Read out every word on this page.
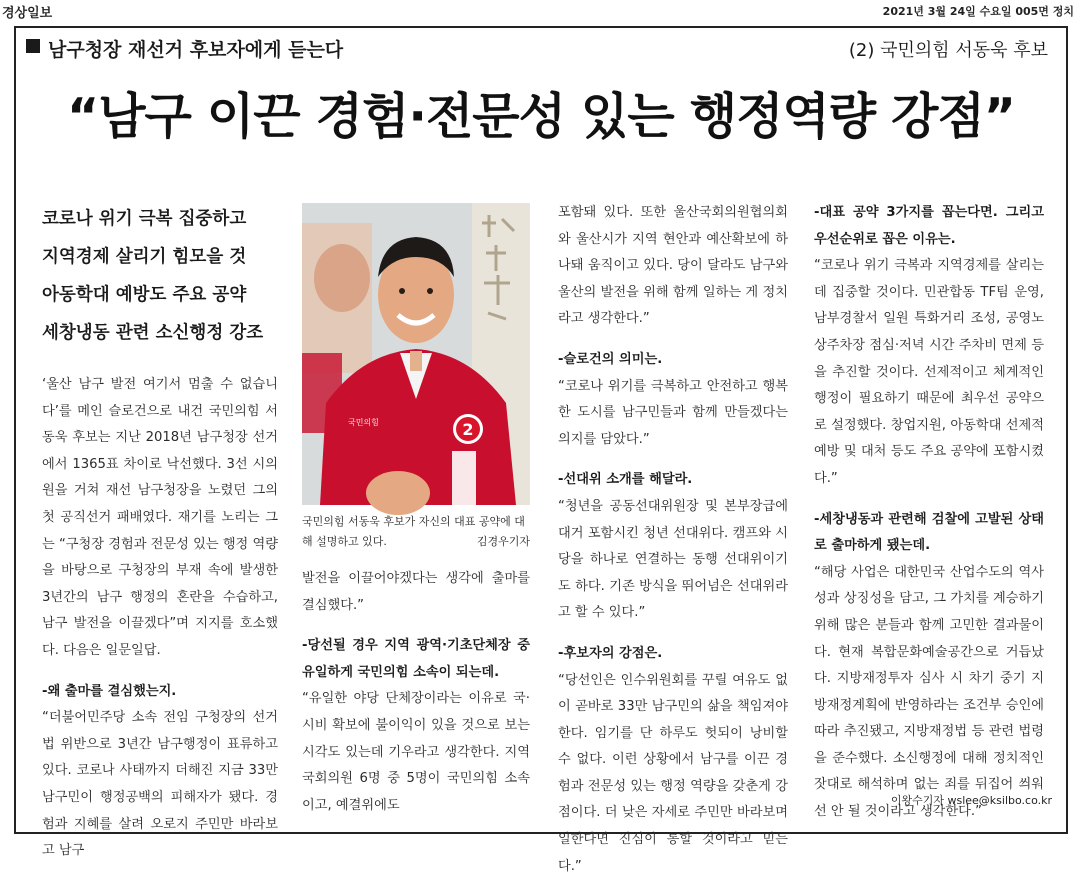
경상일보	2021년 3월 24일 수요일 005면 정치
남구청장 재선거 후보자에게 듣는다	(2) 국민의힘 서동욱 후보
“남구 이끈 경험·전문성 있는 행정역량 강점”
코로나 위기 극복 집중하고
지역경제 살리기 힘모을 것
아동학대 예방도 주요 공약
세창냉동 관련 소신행정 강조

‘울산 남구 발전 여기서 멈출 수 없습니다’를 메인 슬로건으로 내건 국민의힘 서동욱 후보는 지난 2018년 남구청장 선거에서 1365표 차이로 낙선했다. 3선 시의원을 거쳐 재선 남구청장을 노렸던 그의 첫 공직선거 패배였다. 재기를 노리는 그는 “구청장 경험과 전문성 있는 행정 역량을 바탕으로 구청장의 부재 속에 발생한 3년간의 남구 행정의 혼란을 수습하고, 남구 발전을 이끌겠다”며 지지를 호소했다. 다음은 일문일답.

-왜 출마를 결심했는지.

“더불어민주당 소속 전임 구청장의 선거법 위반으로 3년간 남구행정이 표류하고 있다. 코로나 사태까지 더해진 지금 33만 남구민이 행정공백의 피해자가 됐다. 경험과 지혜를 살려 오로지 주민만 바라보고 남구

발전을 이끌어야겠다는 생각에 출마를 결심했다.”

-당선될 경우 지역 광역·기초단체장 중 유일하게 국민의힘 소속이 되는데.

“유일한 야당 단체장이라는 이유로 국·시비 확보에 불이익이 있을 것으로 보는 시각도 있는데 기우라고 생각한다. 지역 국회의원 6명 중 5명이 국민의힘 소속이고, 예결위에도

포함돼 있다. 또한 울산국회의원협의회와 울산시가 지역 현안과 예산확보에 하나돼 움직이고 있다. 당이 달라도 남구와 울산의 발전을 위해 함께 일하는 게 정치라고 생각한다.”

-슬로건의 의미는.

“코로나 위기를 극복하고 안전하고 행복한 도시를 남구민들과 함께 만들겠다는 의지를 담았다.”

-선대위 소개를 해달라.

“청년을 공동선대위원장 및 본부장급에 대거 포함시킨 청년 선대위다. 캠프와 시당을 하나로 연결하는 동행 선대위이기도 하다. 기존 방식을 뛰어넘은 선대위라고 할 수 있다.”

-후보자의 강점은.

“당선인은 인수위원회를 꾸릴 여유도 없이 곧바로 33만 남구민의 삶을 책임져야 한다. 임기를 단 하루도 헛되이 낭비할 수 없다. 이런 상황에서 남구를 이끈 경험과 전문성 있는 행정 역량을 갖춘게 강점이다. 더 낮은 자세로 주민만 바라보며 일한다면 진심이 통할 것이라고 믿는다.”

-대표 공약 3가지를 꼽는다면. 그리고 우선순위로 꼽은 이유는.

“코로나 위기 극복과 지역경제를 살리는 데 집중할 것이다. 민관합동 TF팀 운영, 남부경찰서 일원 특화거리 조성, 공영노상주차장 점심·저녁 시간 주차비 면제 등을 추진할 것이다. 선제적이고 체계적인 행정이 필요하기 때문에 최우선 공약으로 설정했다. 창업지원, 아동학대 선제적 예방 및 대처 등도 주요 공약에 포함시켰다.”

-세창냉동과 관련해 검찰에 고발된 상태로 출마하게 됐는데.

“해당 사업은 대한민국 산업수도의 역사성과 상징성을 담고, 그 가치를 계승하기 위해 많은 분들과 함께 고민한 결과물이다. 현재 복합문화예술공간으로 거듭났다. 지방재정투자 심사 시 차기 중기 지방재정계획에 반영하라는 조건부 승인에 따라 추진됐고, 지방재정법 등 관련 법령을 준수했다. 소신행정에 대해 정치적인 잣대로 해석하며 없는 죄를 뒤집어 씌워선 안 될 것이라고 생각한다.”

국민의힘	2
국민의힘 서동욱 후보가 자신의 대표 공약에 대해 설명하고 있다.	김경우기자
이왕수기자 wslee@ksilbo.co.kr
